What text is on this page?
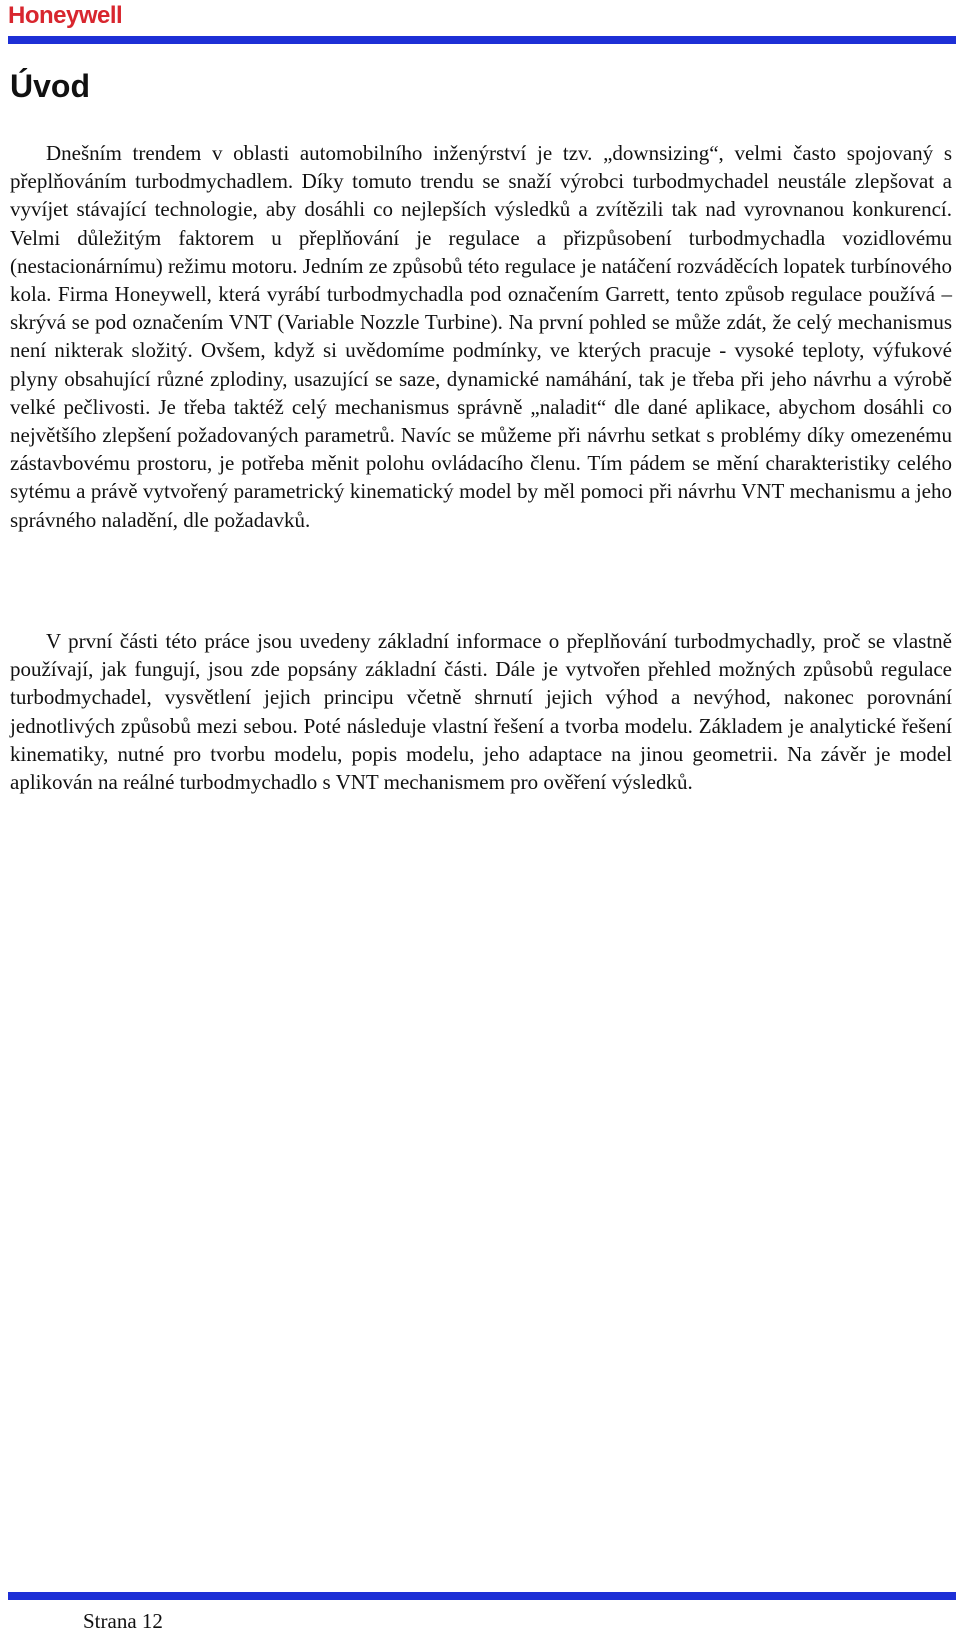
Honeywell
Úvod

Dnešním trendem v oblasti automobilního inženýrství je tzv. „downsizing“, velmi často spojovaný s přeplňováním turbodmychadlem. Díky tomuto trendu se snaží výrobci turbodmychadel neustále zlepšovat a vyvíjet stávající technologie, aby dosáhli co nejlepších výsledků a zvítězili tak nad vyrovnanou konkurencí. Velmi důležitým faktorem u přeplňování je regulace a přizpůsobení turbodmychadla vozidlovému (nestacionárnímu) režimu motoru. Jedním ze způsobů této regulace je natáčení rozváděcích lopatek turbínového kola. Firma Honeywell, která vyrábí turbodmychadla pod označením Garrett, tento způsob regulace používá – skrývá se pod označením VNT (Variable Nozzle Turbine). Na první pohled se může zdát, že celý mechanismus není nikterak složitý. Ovšem, když si uvědomíme podmínky, ve kterých pracuje - vysoké teploty, výfukové plyny obsahující různé zplodiny, usazující se saze, dynamické namáhání, tak je třeba při jeho návrhu a výrobě velké pečlivosti. Je třeba taktéž celý mechanismus správně „naladit“ dle dané aplikace, abychom dosáhli co největšího zlepšení požadovaných parametrů. Navíc se můžeme při návrhu setkat s problémy díky omezenému zástavbovému prostoru, je potřeba měnit polohu ovládacího členu. Tím pádem se mění charakteristiky celého sytému a právě vytvořený parametrický kinematický model by měl pomoci při návrhu VNT mechanismu a jeho správného naladění, dle požadavků.

V první části této práce jsou uvedeny základní informace o přeplňování turbodmychadly, proč se vlastně používají, jak fungují, jsou zde popsány základní části. Dále je vytvořen přehled možných způsobů regulace turbodmychadel, vysvětlení jejich principu včetně shrnutí jejich výhod a nevýhod, nakonec porovnání jednotlivých způsobů mezi sebou. Poté následuje vlastní řešení a tvorba modelu. Základem je analytické řešení kinematiky, nutné pro tvorbu modelu, popis modelu, jeho adaptace na jinou geometrii. Na závěr je model aplikován na reálné turbodmychadlo s VNT mechanismem pro ověření výsledků.

Strana 12
